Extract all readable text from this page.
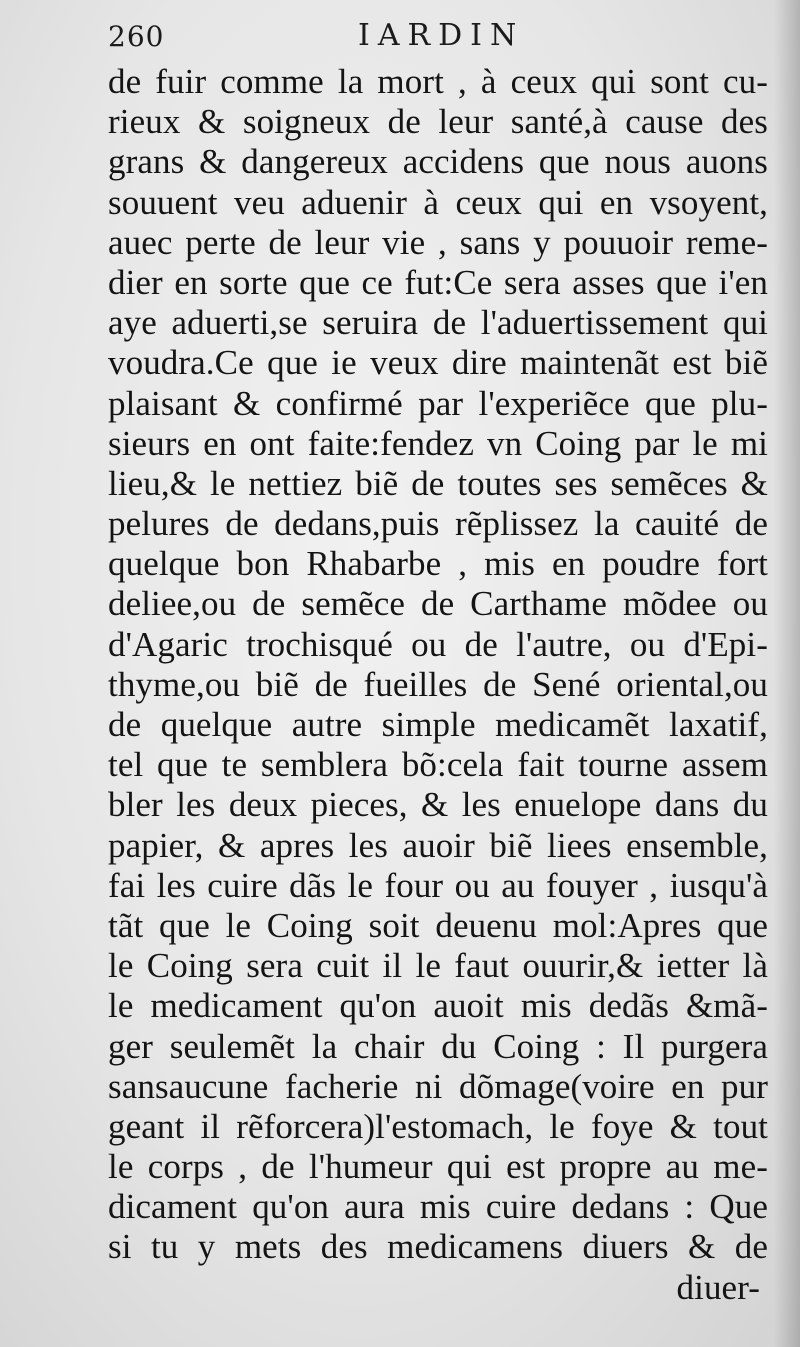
260	IARDIN
de fuir comme la mort , à ceux qui sont cu-
rieux & soigneux de leur santé,à cause des
grans & dangereux accidens que nous auons
souuent veu aduenir à ceux qui en vsoyent,
auec perte de leur vie , sans y pouuoir reme-
dier en sorte que ce fut:Ce sera asses que i'en
aye aduerti,se seruira de l'aduertissement qui
voudra.Ce que ie veux dire maintenãt est biẽ
plaisant & confirmé par l'experiẽce que plu-
sieurs en ont faite:fendez vn Coing par le mi
lieu,& le nettiez biẽ de toutes ses semẽces &
pelures de dedans,puis rẽplissez la cauité de
quelque bon Rhabarbe , mis en poudre fort
deliee,ou de semẽce de Carthame mõdee ou
d'Agaric trochisqué ou de l'autre, ou d'Epi-
thyme,ou biẽ de fueilles de Sené oriental,ou
de quelque autre simple medicamẽt laxatif,
tel que te semblera bõ:cela fait tourne assem
bler les deux pieces, & les enuelope dans du
papier, & apres les auoir biẽ liees ensemble,
fai les cuire dãs le four ou au fouyer , iusqu'à
tãt que le Coing soit deuenu mol:Apres que
le Coing sera cuit il le faut ouurir,& ietter là
le medicament qu'on auoit mis dedãs &mã-
ger seulemẽt la chair du Coing : Il purgera
sansaucune facherie ni dõmage(voire en pur
geant il rẽforcera)l'estomach, le foye & tout
le corps , de l'humeur qui est propre au me-
dicament qu'on aura mis cuire dedans : Que
si tu y mets des medicamens diuers & de
diuer-
